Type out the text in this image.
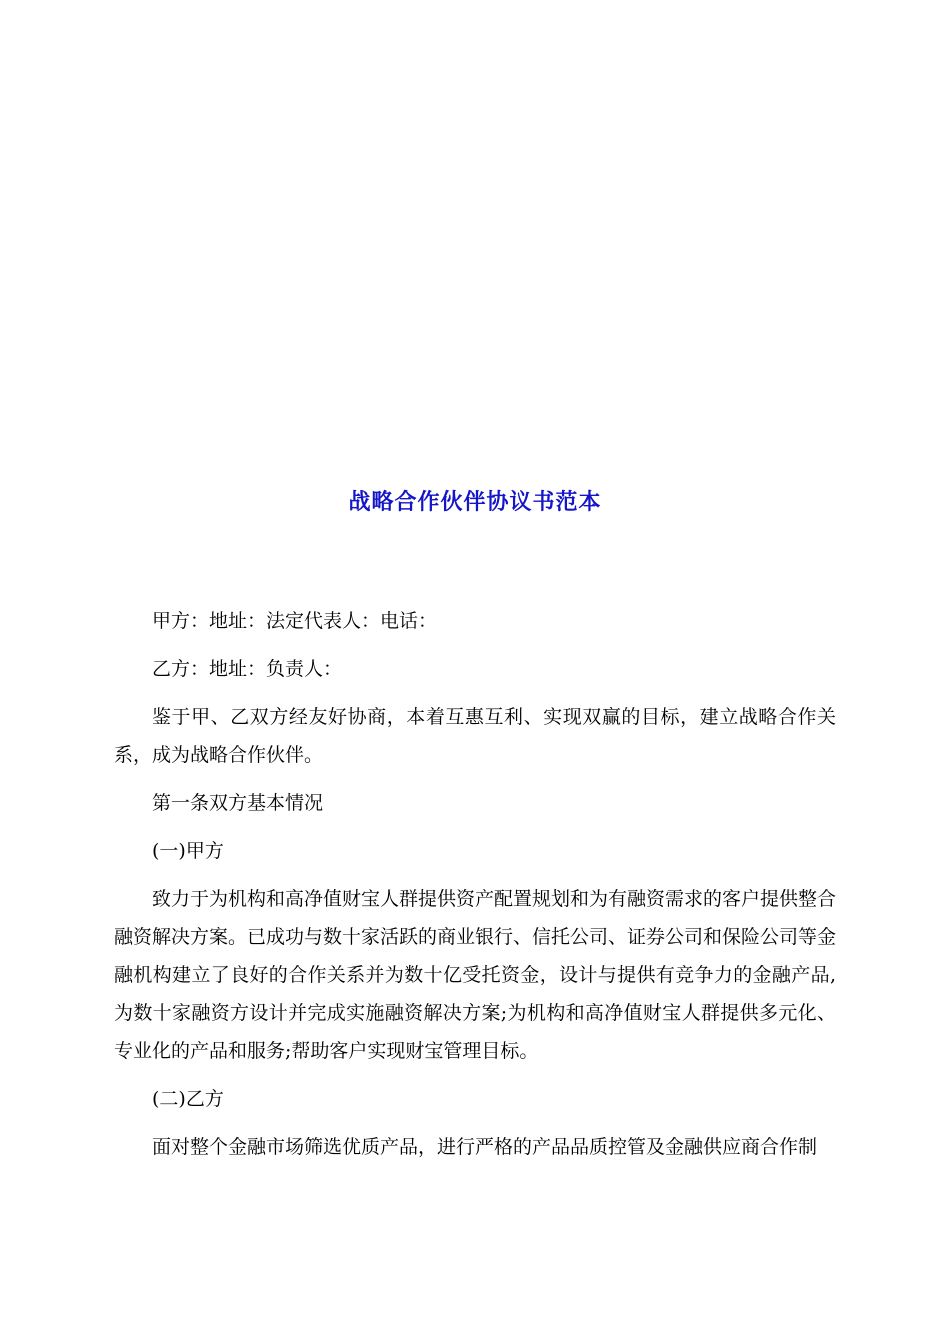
战略合作伙伴协议书范本

甲方：地址：法定代表人：电话：

乙方：地址：负责人：

鉴于甲、乙双方经友好协商，本着互惠互利、实现双赢的目标，建立战略合作关系，成为战略合作伙伴。

第一条双方基本情况

(一)甲方

致力于为机构和高净值财宝人群提供资产配置规划和为有融资需求的客户提供整合融资解决方案。已成功与数十家活跃的商业银行、信托公司、证券公司和保险公司等金融机构建立了良好的合作关系并为数十亿受托资金，设计与提供有竞争力的金融产品,为数十家融资方设计并完成实施融资解决方案;为机构和高净值财宝人群提供多元化、专业化的产品和服务;帮助客户实现财宝管理目标。

(二)乙方

面对整个金融市场筛选优质产品，进行严格的产品品质控管及金融供应商合作制
